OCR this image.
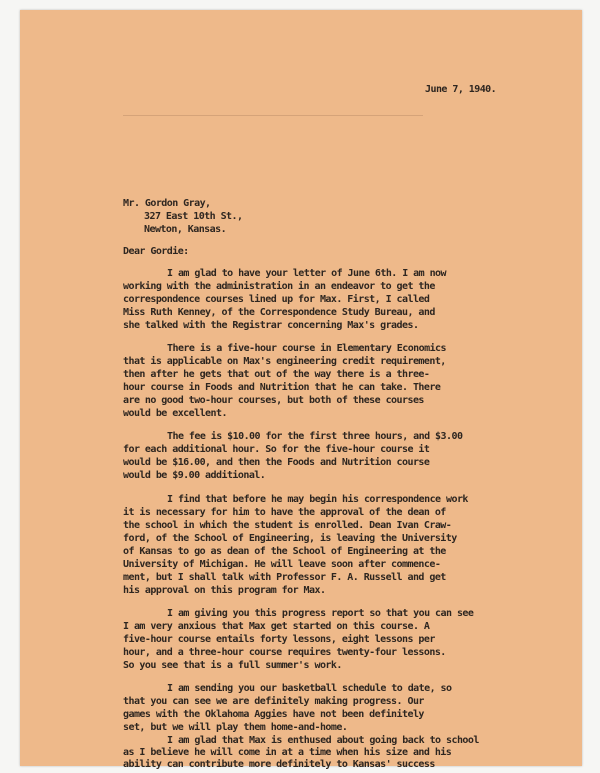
June 7, 1940.
Mr. Gordon Gray,
327 East 10th St.,
Newton, Kansas.
Dear Gordie:
I am glad to have your letter of June 6th. I am now
working with the administration in an endeavor to get the
correspondence courses lined up for Max. First, I called
Miss Ruth Kenney, of the Correspondence Study Bureau, and
she talked with the Registrar concerning Max's grades.
There is a five-hour course in Elementary Economics
that is applicable on Max's engineering credit requirement,
then after he gets that out of the way there is a three-
hour course in Foods and Nutrition that he can take. There
are no good two-hour courses, but both of these courses
would be excellent.
The fee is $10.00 for the first three hours, and $3.00
for each additional hour. So for the five-hour course it
would be $16.00, and then the Foods and Nutrition course
would be $9.00 additional.
I find that before he may begin his correspondence work
it is necessary for him to have the approval of the dean of
the school in which the student is enrolled. Dean Ivan Craw-
ford, of the School of Engineering, is leaving the University
of Kansas to go as dean of the School of Engineering at the
University of Michigan. He will leave soon after commence-
ment, but I shall talk with Professor F. A. Russell and get
his approval on this program for Max.
I am giving you this progress report so that you can see
I am very anxious that Max get started on this course. A
five-hour course entails forty lessons, eight lessons per
hour, and a three-hour course requires twenty-four lessons.
So you see that is a full summer's work.
I am sending you our basketball schedule to date, so
that you can see we are definitely making progress. Our
games with the Oklahoma Aggies have not been definitely
set, but we will play them home-and-home.
I am glad that Max is enthused about going back to school
as I believe he will come in at a time when his size and his
ability can contribute more definitely to Kansas' success
